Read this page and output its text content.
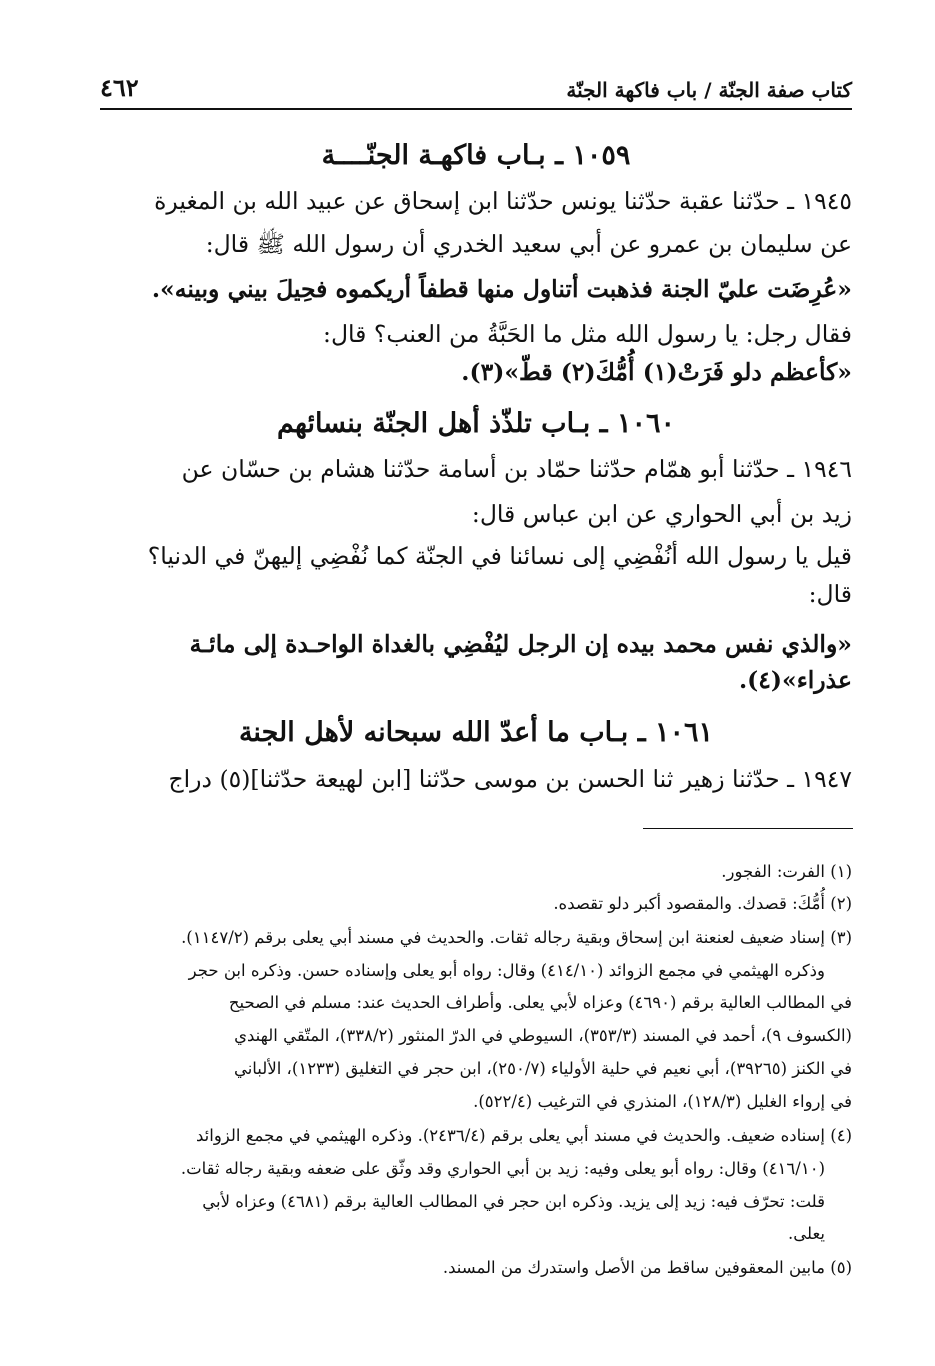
كتاب صفة الجنّة / باب فاكهة الجنّة
٤٦٢
١٠٥٩ ـ بـاب فاكهـة الجنّــــة
١٩٤٥ ـ حدّثنا عقبة حدّثنا يونس حدّثنا ابن إسحاق عن عبيد الله بن المغيرة
عن سليمان بن عمرو عن أبي سعيد الخدري أن رسول الله ﷺ قال:
«عُرِضَت عليّ الجنة فذهبت أتناول منها قطفاً أريكموه فحِيلَ بيني وبينه».
فقال رجل: يا رسول الله مثل ما الحَبَّةُ من العنب؟ قال:
«كأعظم دلو فَرَتْ(١) أُمُّكَ(٢) قطّ»(٣).
١٠٦٠ ـ بـاب تلذّذ أهل الجنّة بنسائهم
١٩٤٦ ـ حدّثنا أبو همّام حدّثنا حمّاد بن أسامة حدّثنا هشام بن حسّان عن
زيد بن أبي الحواري عن ابن عباس قال:
قيل يا رسول الله أنُفْضِي إلى نسائنا في الجنّة كما نُفْضِي إليهنّ في الدنيا؟
قال:
«والذي نفس محمد بيده إن الرجل ليُفْضِي بالغداة الواحـدة إلى مائـة
عذراء»(٤).
١٠٦١ ـ بـاب ما أعدّ الله سبحانه لأهل الجنة
١٩٤٧ ـ حدّثنا زهير ثنا الحسن بن موسى حدّثنا [ابن لهيعة حدّثنا](٥) دراج
(١) الفرت: الفجور.
(٢) أُمُّكَ: قصدك. والمقصود أكبر دلو تقصده.
(٣) إسناد ضعيف لعنعنة ابن إسحاق وبقية رجاله ثقات. والحديث في مسند أبي يعلى برقم (١١٤٧/٢).
وذكره الهيثمي في مجمع الزوائد (٤١٤/١٠) وقال: رواه أبو يعلى وإسناده حسن. وذكره ابن حجر
في المطالب العالية برقم (٤٦٩٠) وعزاه لأبي يعلى. وأطراف الحديث عند: مسلم في الصحيح
(الكسوف ٩)، أحمد في المسند (٣٥٣/٣)، السيوطي في الدرّ المنثور (٣٣٨/٢)، المتّقي الهندي
في الكنز (٣٩٢٦٥)، أبي نعيم في حلية الأولياء (٢٥٠/٧)، ابن حجر في التغليق (١٢٣٣)، الألباني
في إرواء الغليل (١٢٨/٣)، المنذري في الترغيب (٥٢٢/٤).
(٤) إسناده ضعيف. والحديث في مسند أبي يعلى برقم (٢٤٣٦/٤). وذكره الهيثمي في مجمع الزوائد
(٤١٦/١٠) وقال: رواه أبو يعلى وفيه: زيد بن أبي الحواري وقد وثّق على ضعفه وبقية رجاله ثقات.
قلت: تحرّف فيه: زيد إلى يزيد. وذكره ابن حجر في المطالب العالية برقم (٤٦٨١) وعزاه لأبي
يعلى.
(٥) مابين المعقوفين ساقط من الأصل واستدرك من المسند.
